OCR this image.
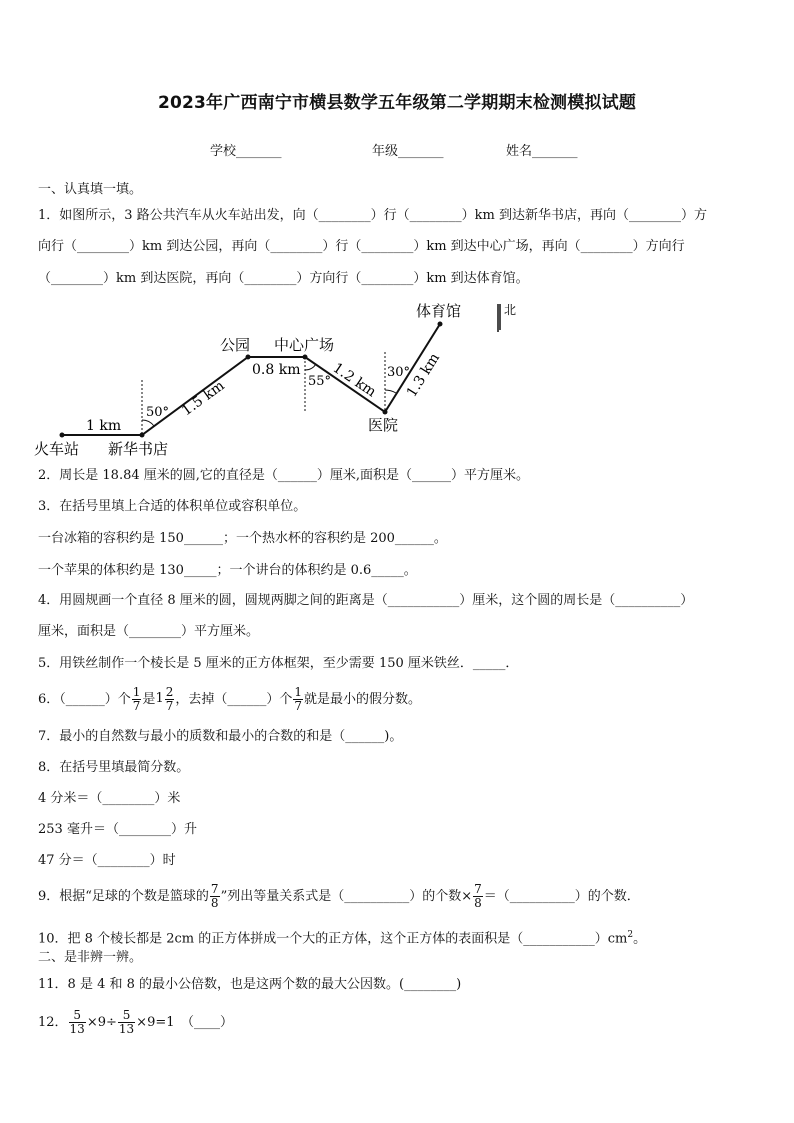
2023年广西南宁市横县数学五年级第二学期期末检测模拟试题
学校_______	年级_______	姓名_______
一、认真填一填。
1．如图所示，3 路公共汽车从火车站出发，向（________）行（________）km 到达新华书店，再向（________）方
向行（________）km 到达公园，再向（________）行（________）km 到达中心广场，再向（________）方向行
（________）km 到达医院，再向（________）方向行（________）km 到达体育馆。
火车站 新华书店
公园 中心广场
医院
体育馆	北
1 km
1.5 km
0.8 km 1.2 km 1.3 km
50°
55°
30°
2．周长是 18.84 厘米的圆,它的直径是（______）厘米,面积是（______）平方厘米。
3．在括号里填上合适的体积单位或容积单位。
一台冰箱的容积约是 150______；一个热水杯的容积约是 200______。
一个苹果的体积约是 130_____；一个讲台的体积约是 0.6_____。
4．用圆规画一个直径 8 厘米的圆，圆规两脚之间的距离是（___________）厘米，这个圆的周长是（__________）
厘米，面积是（________）平方厘米。
5．用铁丝制作一个棱长是 5 厘米的正方体框架，至少需要 150 厘米铁丝．_____．
6．（______）个 $\frac{1}{7}$ 是$1 \frac{2}{7}$ ，去掉（______）个 $\frac{1}{7}$ 就是最小的假分数。
7．最小的自然数与最小的质数和最小的合数的和是（______)。
8．在括号里填最简分数。
4 分米＝（________）米
253 毫升＝（________）升
47 分＝（________）时
9．根据“足球的个数是篮球的 $\frac{7}{8}$ ”列出等量关系式是（__________）的个数× $\frac{7}{8}$ ＝（__________）的个数．
10．把 8 个棱长都是 2cm 的正方体拼成一个大的正方体，这个正方体的表面积是$(\_\_\_\_\_\_\_\_\_\_\_)cm^2$。
二、是非辨一辨。
11．8 是 4 和 8 的最小公倍数，也是这两个数的最大公因数。(________)
12． $\frac{5}{13} \times 9\div \frac{5}{13} \times 9=1$　（____）
